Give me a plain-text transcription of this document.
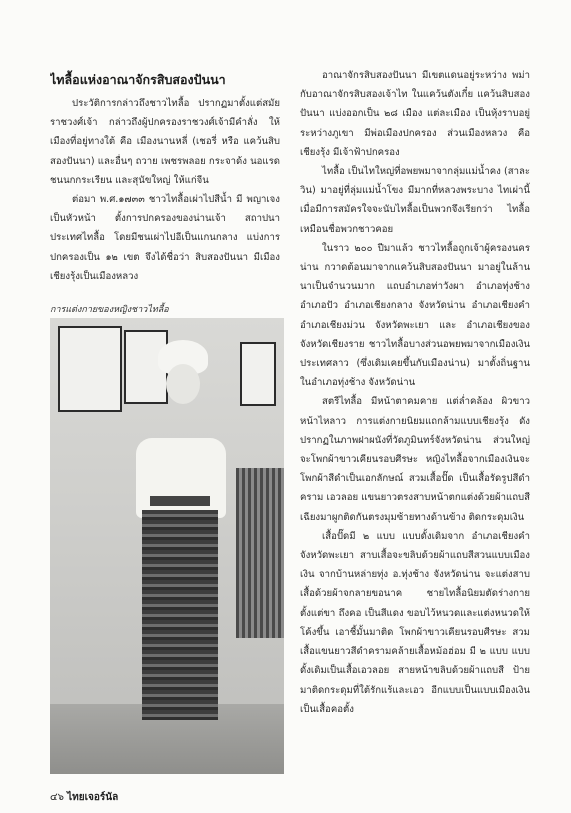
ไทลื้อแห่งอาณาจักรสิบสองปันนา

ประวัติการกล่าวถึงชาวไทลื้อ ปรากฏมาตั้งแต่สมัยราชวงศ์เจ้า กล่าวถึงผู้ปกครองราชวงศ์เจ้ามีคำลั่ง ให้เมืองที่อยู่ทางใต้ คือ เมืองนานหลี่ (เชอรี่ หรือ แคว้นสิบสองปันนา) และอื่นๆ ถวาย เพชรพลอย กระจาด้ง นอแรด ชนนกกระเรียน และสุนัขใหญ่ ให้แก่จีน

ต่อมา พ.ศ.๑๗๓๓ ชาวไทลื้อเผ่าไปสีน้ำ มี พญาเจง เป็นหัวหน้า ตั้งการปกครองของน่านเจ้า สถาปนาประเทศไทลื้อ โดยมีชนเผ่าไปอีเป็นแกนกลาง แบ่งการปกครองเป็น ๑๒ เขต จึงได้ชื่อว่า สิบสองปันนา มีเมืองเชียงรุ้งเป็นเมืองหลวง

การแต่งกายของหญิงชาวไทลื้อ

อาณาจักรสิบสองปันนา มีเขตแดนอยู่ระหว่าง พม่ากับอาณาจักรสิบสองเจ้าไท ในแคว้นตังเกี๋ย แคว้นสิบสองปันนา แบ่งออกเป็น ๒๘ เมือง แต่ละเมือง เป็นหุ้งราบอยู่ระหว่างภูเขา มีพ่อเมืองปกครอง ส่วนเมืองหลวง คือ เชียงรุ้ง มีเจ้าฟ้าปกครอง

ไทลื้อ เป็นไทใหญ่ที่อพยพมาจากลุ่มแม่น้ำคง (สาละวิน) มาอยู่ที่ลุ่มแม่น้ำโขง มีมากที่หลวงพระบาง ไทเผ่านี้เมื่อมีการสมัครใจจะนับไทลื้อเป็นพวกจึงเรียกว่า ไทลื้อ เหมือนชื่อพวกชาวคอย

ในราว ๒๐๐ ปีมาแล้ว ชาวไทลื้อถูกเจ้าผู้ครองนครน่าน กวาดต้อนมาจากแคว้นสิบสองปันนา มาอยู่ในล้านนาเป็นจำนวนมาก แถบอำเภอท่าวังผา อำเภอทุ่งช้าง อำเภอปัว อำเภอเชียงกลาง จังหวัดน่าน อำเภอเชียงคำ อำเภอเชียงม่วน จังหวัดพะเยา และ อำเภอเชียงของ จังหวัดเชียงราย ชาวไทลื้อบางส่วนอพยพมาจากเมืองเงิน ประเทศลาว (ซึ่งเดิมเคยขึ้นกับเมืองน่าน) มาตั้งถิ่นฐานในอำเภอทุ่งช้าง จังหวัดน่าน

สตรีไทลื้อ มีหน้าตาคมคาย แต่ล่ำคล้อง ผิวขาว หน้าไหลาว การแต่งกายนิยมแถกล้ามแบบเชียงรุ้ง ดังปรากฏในภาพฝาผนังที่วัดภูมินทร์จังหวัดน่าน ส่วนใหญ่จะโพกผ้าขาวเคียนรอบศีรษะ หญิงไทลื้อจากเมืองเงินจะโพกผ้าสีดำเป็นเอกลักษณ์ สวมเสื้อปั๊ด เป็นเสื้อรัดรูปสีดำคราม เอวลอย แขนยาวตรงสาบหน้าตกแต่งด้วยผ้าแถบสี เฉียงมาผูกติดกันตรงมุมซ้ายทางด้านข้าง ติดกระดุมเงิน

เสื้อปั๊ดมี ๒ แบบ แบบดั้งเดิมจาก อำเภอเชียงคำ จังหวัดพะเยา สาบเสื้อจะขลิบด้วยผ้าแถบสีสวนแบบเมืองเงิน จากบ้านหล่ายทุ่ง อ.ทุ่งช้าง จังหวัดน่าน จะแต่งสาบเสื้อด้วยผ้าจกลายขอนาค ชายไทลื้อนิยมตัดร่างกายตั้งแต่ขา ถึงคอ เป็นสีแดง ขอบไว้หนวดและแต่งหนวดให้โค้งขึ้น เอาชี้มั้นมาติด โพกผ้าขาวเคียนรอบศีรษะ สวมเสื้อแขนยาวสีดำครามคล้ายเสื้อหม้อฮ่อม มี ๒ แบบ แบบดั้งเดิมเป็นเสื้อเอวลอย สายหน้าขลิบด้วยผ้าแถบสี ป้ายมาติดกระดุมที่ใต้รักแร้และเอว อีกแบบเป็นแบบเมืองเงิน เป็นเสื้อคอตั้ง

๔๖ ไทยเจอร์นัล
